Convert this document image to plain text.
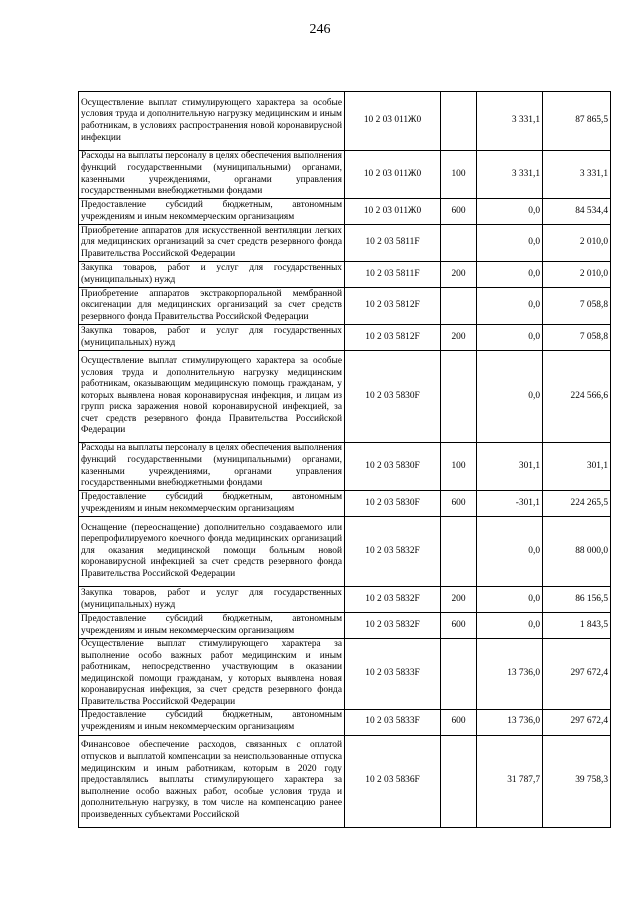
246
Осуществление выплат стимулирующего характера за особые условия труда и дополнительную нагрузку медицинским и иным работникам, в условиях распространения новой коронавирусной инфекции	10 2 03 011Ж0		3 331,1	87 865,5
Расходы на выплаты персоналу в целях обеспечения выполнения функций государственными (муниципальными) органами, казенными учреждениями, органами управления государственными внебюджетными фондами	10 2 03 011Ж0	100	3 331,1	3 331,1
Предоставление субсидий бюджетным, автономным учреждениям и иным некоммерческим организациям	10 2 03 011Ж0	600	0,0	84 534,4
Приобретение аппаратов для искусственной вентиляции легких для медицинских организаций за счет средств резервного фонда Правительства Российской Федерации	10 2 03 5811F		0,0	2 010,0
Закупка товаров, работ и услуг для государственных (муниципальных) нужд	10 2 03 5811F	200	0,0	2 010,0
Приобретение аппаратов экстракорпоральной мембранной оксигенации для медицинских организаций за счет средств резервного фонда Правительства Российской Федерации	10 2 03 5812F		0,0	7 058,8
Закупка товаров, работ и услуг для государственных (муниципальных) нужд	10 2 03 5812F	200	0,0	7 058,8
Осуществление выплат стимулирующего характера за особые условия труда и дополнительную нагрузку медицинским работникам, оказывающим медицинскую помощь гражданам, у которых выявлена новая коронавирусная инфекция, и лицам из групп риска заражения новой коронавирусной инфекцией, за счет средств резервного фонда Правительства Российской Федерации	10 2 03 5830F		0,0	224 566,6
Расходы на выплаты персоналу в целях обеспечения выполнения функций государственными (муниципальными) органами, казенными учреждениями, органами управления государственными внебюджетными фондами	10 2 03 5830F	100	301,1	301,1
Предоставление субсидий бюджетным, автономным учреждениям и иным некоммерческим организациям	10 2 03 5830F	600	-301,1	224 265,5
Оснащение (переоснащение) дополнительно создаваемого или перепрофилируемого коечного фонда медицинских организаций для оказания медицинской помощи больным новой коронавирусной инфекцией за счет средств резервного фонда Правительства Российской Федерации	10 2 03 5832F		0,0	88 000,0
Закупка товаров, работ и услуг для государственных (муниципальных) нужд	10 2 03 5832F	200	0,0	86 156,5
Предоставление субсидий бюджетным, автономным учреждениям и иным некоммерческим организациям	10 2 03 5832F	600	0,0	1 843,5
Осуществление выплат стимулирующего характера за выполнение особо важных работ медицинским и иным работникам, непосредственно участвующим в оказании медицинской помощи гражданам, у которых выявлена новая коронавирусная инфекция, за счет средств резервного фонда Правительства Российской Федерации	10 2 03 5833F		13 736,0	297 672,4
Предоставление субсидий бюджетным, автономным учреждениям и иным некоммерческим организациям	10 2 03 5833F	600	13 736,0	297 672,4
Финансовое обеспечение расходов, связанных с оплатой отпусков и выплатой компенсации за неиспользованные отпуска медицинским и иным работникам, которым в 2020 году предоставлялись выплаты стимулирующего характера за выполнение особо важных работ, особые условия труда и дополнительную нагрузку, в том числе на компенсацию ранее произведенных субъектами Российской	10 2 03 5836F		31 787,7	39 758,3
